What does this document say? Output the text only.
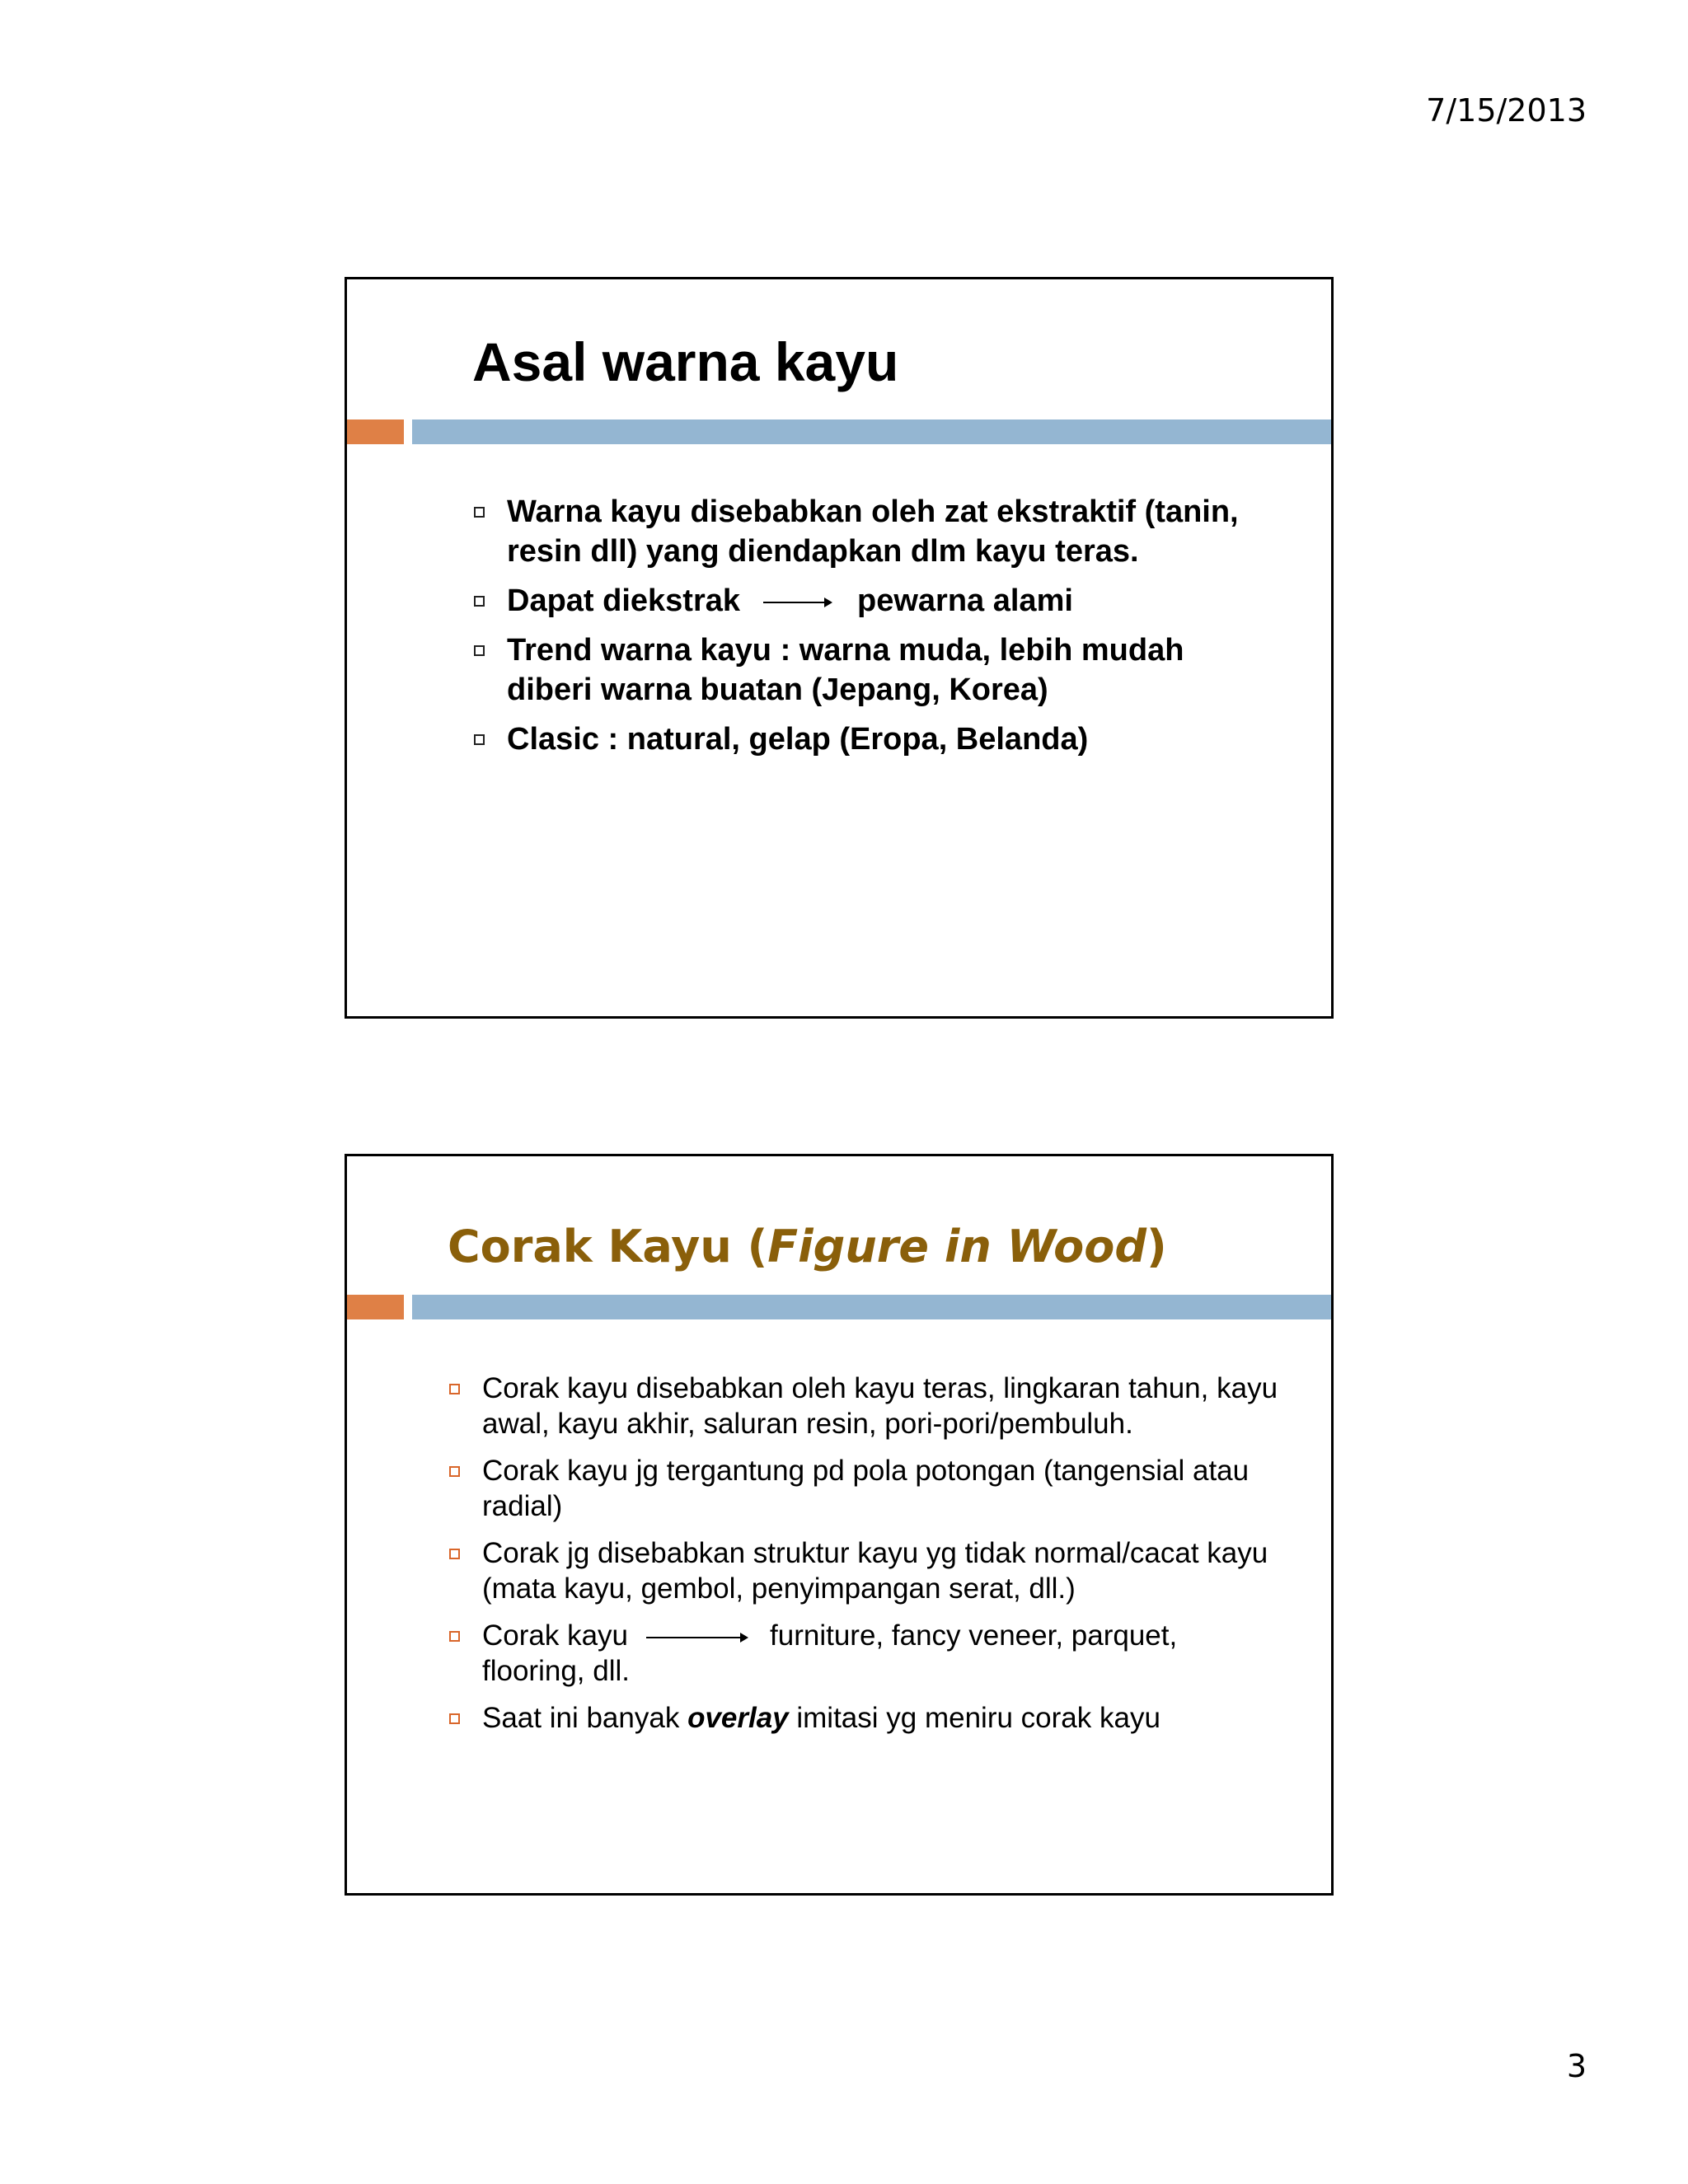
7/15/2013
Asal warna kayu
Warna kayu disebabkan oleh zat ekstraktif (tanin, resin dll) yang diendapkan dlm kayu teras.
Dapat diekstrak	pewarna alami
Trend warna kayu : warna muda, lebih mudah diberi warna buatan (Jepang, Korea)
Clasic : natural, gelap (Eropa, Belanda)
Corak Kayu (Figure in Wood)
Corak kayu disebabkan oleh kayu teras, lingkaran tahun, kayu awal, kayu akhir, saluran resin, pori-pori/pembuluh.
Corak kayu jg tergantung pd pola potongan (tangensial atau radial)
Corak jg disebabkan struktur kayu yg tidak normal/cacat kayu (mata kayu, gembol, penyimpangan serat, dll.)
Corak kayu	furniture, fancy veneer, parquet, flooring, dll.
Saat ini banyak overlay imitasi yg meniru corak kayu
3
